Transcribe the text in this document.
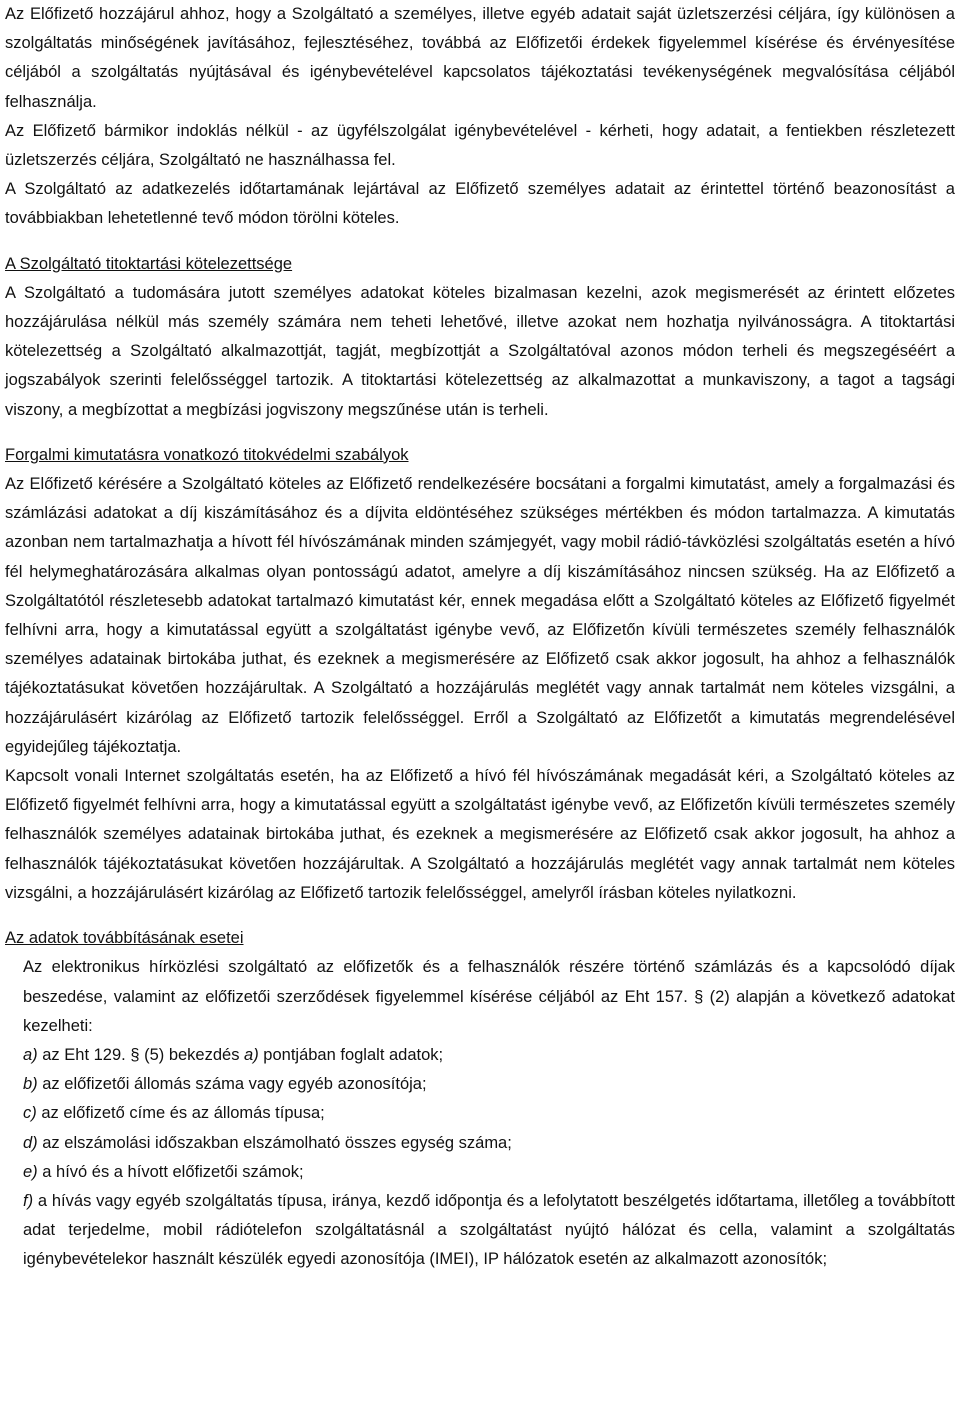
Az Előfizető hozzájárul ahhoz, hogy a Szolgáltató a személyes, illetve egyéb adatait saját üzletszerzési céljára, így különösen a szolgáltatás minőségének javításához, fejlesztéséhez, továbbá az Előfizetői érdekek figyelemmel kísérése és érvényesítése céljából a szolgáltatás nyújtásával és igénybevételével kapcsolatos tájékoztatási tevékenységének megvalósítása céljából felhasználja.

Az Előfizető bármikor indoklás nélkül - az ügyfélszolgálat igénybevételével - kérheti, hogy adatait, a fentiekben részletezett üzletszerzés céljára, Szolgáltató ne használhassa fel.

A Szolgáltató az adatkezelés időtartamának lejártával az Előfizető személyes adatait az érintettel történő beazonosítást a továbbiakban lehetetlenné tevő módon törölni köteles.

A Szolgáltató titoktartási kötelezettsége

A Szolgáltató a tudomására jutott személyes adatokat köteles bizalmasan kezelni, azok megismerését az érintett előzetes hozzájárulása nélkül más személy számára nem teheti lehetővé, illetve azokat nem hozhatja nyilvánosságra. A titoktartási kötelezettség a Szolgáltató alkalmazottját, tagját, megbízottját a Szolgáltatóval azonos módon terheli és megszegéséért a jogszabályok szerinti felelősséggel tartozik. A titoktartási kötelezettség az alkalmazottat a munkaviszony, a tagot a tagsági viszony, a megbízottat a megbízási jogviszony megszűnése után is terheli.

Forgalmi kimutatásra vonatkozó titokvédelmi szabályok

Az Előfizető kérésére a Szolgáltató köteles az Előfizető rendelkezésére bocsátani a forgalmi kimutatást, amely a forgalmazási és számlázási adatokat a díj kiszámításához és a díjvita eldöntéséhez szükséges mértékben és módon tartalmazza. A kimutatás azonban nem tartalmazhatja a hívott fél hívószámának minden számjegyét, vagy mobil rádió-távközlési szolgáltatás esetén a hívó fél helymeghatározására alkalmas olyan pontosságú adatot, amelyre a díj kiszámításához nincsen szükség. Ha az Előfizető a Szolgáltatótól részletesebb adatokat tartalmazó kimutatást kér, ennek megadása előtt a Szolgáltató köteles az Előfizető figyelmét felhívni arra, hogy a kimutatással együtt a szolgáltatást igénybe vevő, az Előfizetőn kívüli természetes személy felhasználók személyes adatainak birtokába juthat, és ezeknek a megismerésére az Előfizető csak akkor jogosult, ha ahhoz a felhasználók tájékoztatásukat követően hozzájárultak. A Szolgáltató a hozzájárulás meglétét vagy annak tartalmát nem köteles vizsgálni, a hozzájárulásért kizárólag az Előfizető tartozik felelősséggel. Erről a Szolgáltató az Előfizetőt a kimutatás megrendelésével egyidejűleg tájékoztatja.

Kapcsolt vonali Internet szolgáltatás esetén, ha az Előfizető a hívó fél hívószámának megadását kéri, a Szolgáltató köteles az Előfizető figyelmét felhívni arra, hogy a kimutatással együtt a szolgáltatást igénybe vevő, az Előfizetőn kívüli természetes személy felhasználók személyes adatainak birtokába juthat, és ezeknek a megismerésére az Előfizető csak akkor jogosult, ha ahhoz a felhasználók tájékoztatásukat követően hozzájárultak. A Szolgáltató a hozzájárulás meglétét vagy annak tartalmát nem köteles vizsgálni, a hozzájárulásért kizárólag az Előfizető tartozik felelősséggel, amelyről írásban köteles nyilatkozni.

Az adatok továbbításának esetei

Az elektronikus hírközlési szolgáltató az előfizetők és a felhasználók részére történő számlázás és a kapcsolódó díjak beszedése, valamint az előfizetői szerződések figyelemmel kísérése céljából az Eht 157. § (2) alapján a következő adatokat kezelheti:

a) az Eht 129. § (5) bekezdés a) pontjában foglalt adatok;

b) az előfizetői állomás száma vagy egyéb azonosítója;

c) az előfizető címe és az állomás típusa;

d) az elszámolási időszakban elszámolható összes egység száma;

e) a hívó és a hívott előfizetői számok;

f) a hívás vagy egyéb szolgáltatás típusa, iránya, kezdő időpontja és a lefolytatott beszélgetés időtartama, illetőleg a továbbított adat terjedelme, mobil rádiótelefon szolgáltatásnál a szolgáltatást nyújtó hálózat és cella, valamint a szolgáltatás igénybevételekor használt készülék egyedi azonosítója (IMEI), IP hálózatok esetén az alkalmazott azonosítók;
